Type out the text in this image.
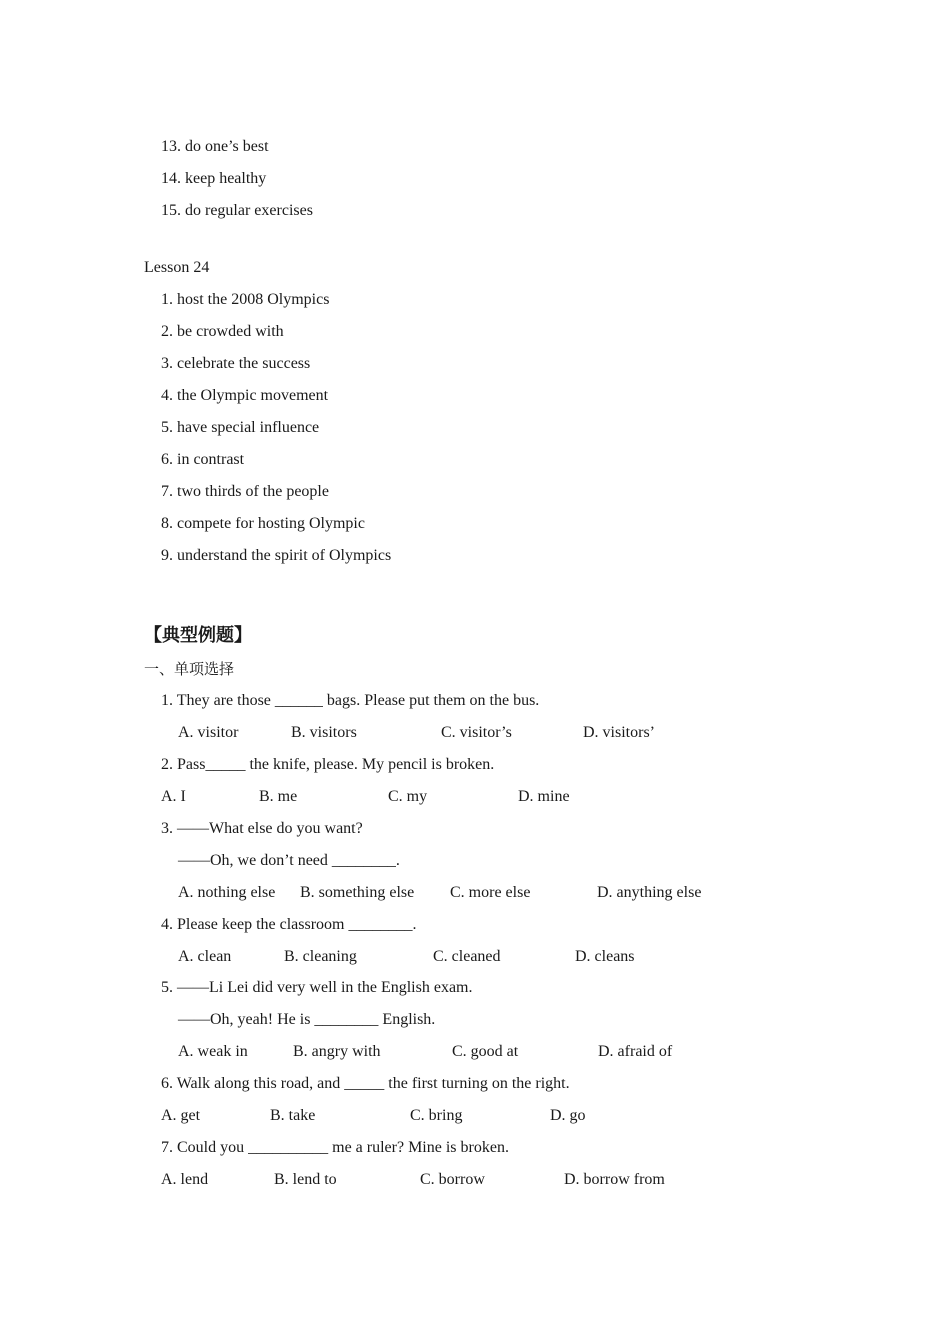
13. do one’s best
14. keep healthy
15. do regular exercises
Lesson 24
1. host the 2008 Olympics
2. be crowded with
3. celebrate the success
4. the Olympic movement
5. have special influence
6. in contrast
7. two thirds of the people
8. compete for hosting Olympic
9. understand the spirit of Olympics
【典型例题】
一、单项选择
1. They are those ______ bags. Please put them on the bus.
A. visitor	B. visitors	C. visitor’s	D. visitors’
2. Pass_____ the knife, please. My pencil is broken.
A. I	B. me	C. my	D. mine
3. ——What else do you want?
——Oh, we don’t need ________.
A. nothing else B. something else C. more else	D. anything else
4. Please keep the classroom ________.
A. clean	B. cleaning	C. cleaned	D. cleans
5. ——Li Lei did very well in the English exam.
——Oh, yeah! He is ________ English.
A. weak in	B. angry with	C. good at	D. afraid of
6. Walk along this road, and _____ the first turning on the right.
A. get	B. take	C. bring	D. go
7. Could you __________ me a ruler? Mine is broken.
A. lend	B. lend to	C. borrow	D. borrow from
